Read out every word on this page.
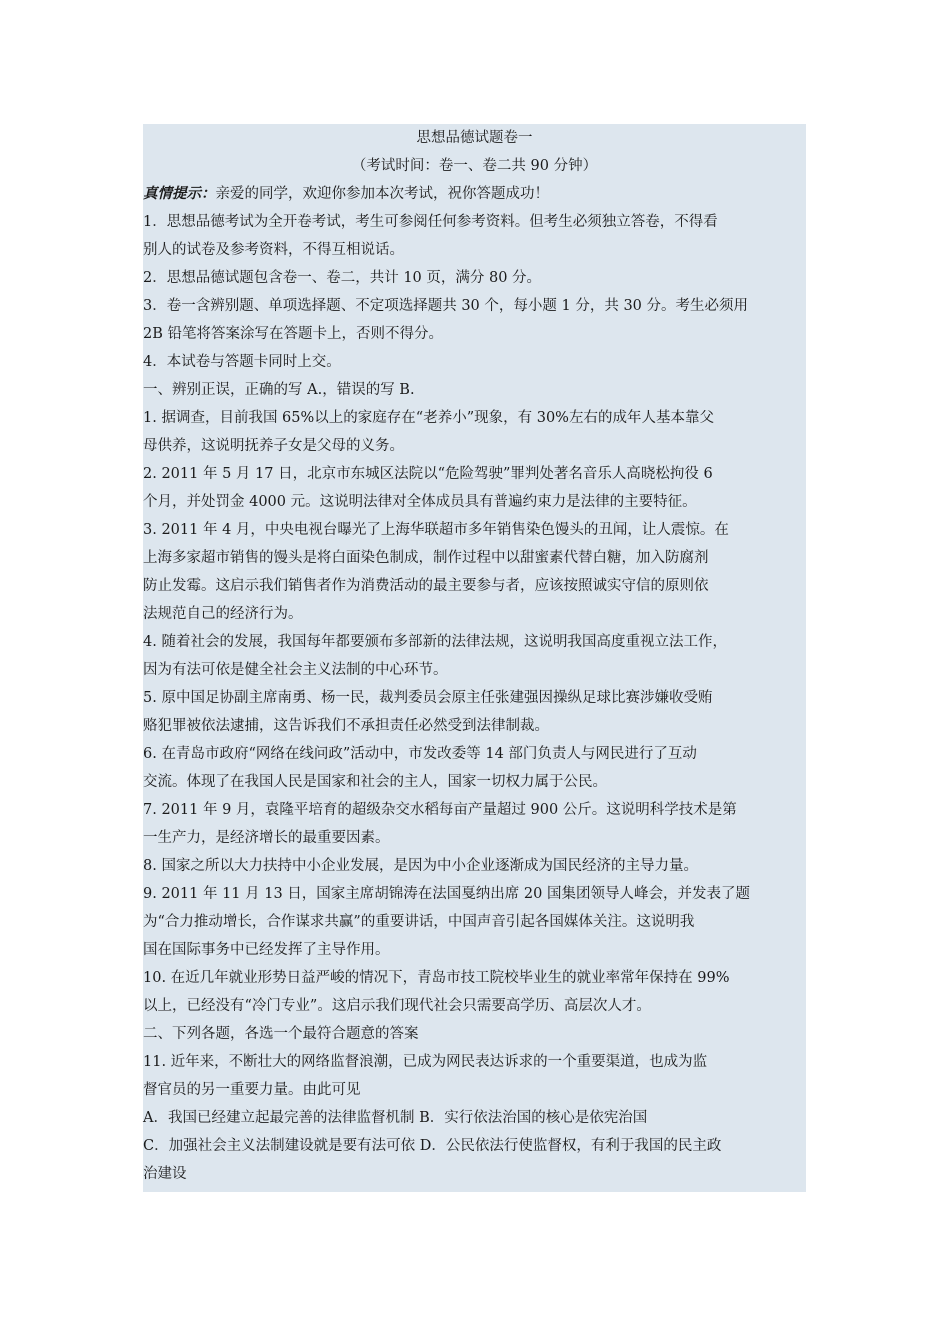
思想品德试题卷一
（考试时间：卷一、卷二共 90 分钟）
真情提示：亲爱的同学，欢迎你参加本次考试，祝你答题成功！
1．思想品德考试为全开卷考试，考生可参阅任何参考资料。但考生必须独立答卷，不得看
别人的试卷及参考资料，不得互相说话。
2．思想品德试题包含卷一、卷二，共计 10 页，满分 80 分。
3．卷一含辨别题、单项选择题、不定项选择题共 30 个，每小题 1 分，共 30 分。考生必须用
2B 铅笔将答案涂写在答题卡上，否则不得分。
4．本试卷与答题卡同时上交。
一、辨别正误，正确的写 A.，错误的写 B.
1. 据调查，目前我国 65%以上的家庭存在“老养小”现象，有 30%左右的成年人基本靠父
母供养，这说明抚养子女是父母的义务。
2. 2011 年 5 月 17 日，北京市东城区法院以“危险驾驶”罪判处著名音乐人高晓松拘役 6
个月，并处罚金 4000 元。这说明法律对全体成员具有普遍约束力是法律的主要特征。
3. 2011 年 4 月，中央电视台曝光了上海华联超市多年销售染色馒头的丑闻，让人震惊。在
上海多家超市销售的馒头是将白面染色制成，制作过程中以甜蜜素代替白糖，加入防腐剂
防止发霉。这启示我们销售者作为消费活动的最主要参与者，应该按照诚实守信的原则依
法规范自己的经济行为。
4. 随着社会的发展，我国每年都要颁布多部新的法律法规，这说明我国高度重视立法工作，
因为有法可依是健全社会主义法制的中心环节。
5. 原中国足协副主席南勇、杨一民，裁判委员会原主任张建强因操纵足球比赛涉嫌收受贿
赂犯罪被依法逮捕，这告诉我们不承担责任必然受到法律制裁。
6. 在青岛市政府“网络在线问政”活动中，市发改委等 14 部门负责人与网民进行了互动
交流。体现了在我国人民是国家和社会的主人，国家一切权力属于公民。
7. 2011 年 9 月，袁隆平培育的超级杂交水稻每亩产量超过 900 公斤。这说明科学技术是第
一生产力，是经济增长的最重要因素。
8. 国家之所以大力扶持中小企业发展，是因为中小企业逐渐成为国民经济的主导力量。
9. 2011 年 11 月 13 日，国家主席胡锦涛在法国戛纳出席 20 国集团领导人峰会，并发表了题
为“合力推动增长，合作谋求共赢”的重要讲话，中国声音引起各国媒体关注。这说明我
国在国际事务中已经发挥了主导作用。
10. 在近几年就业形势日益严峻的情况下，青岛市技工院校毕业生的就业率常年保持在 99%
以上，已经没有“冷门专业”。这启示我们现代社会只需要高学历、高层次人才。
二、下列各题，各选一个最符合题意的答案
11. 近年来，不断壮大的网络监督浪潮，已成为网民表达诉求的一个重要渠道，也成为监
督官员的另一重要力量。由此可见
A．我国已经建立起最完善的法律监督机制 B．实行依法治国的核心是依宪治国
C．加强社会主义法制建设就是要有法可依 D．公民依法行使监督权，有利于我国的民主政
治建设
